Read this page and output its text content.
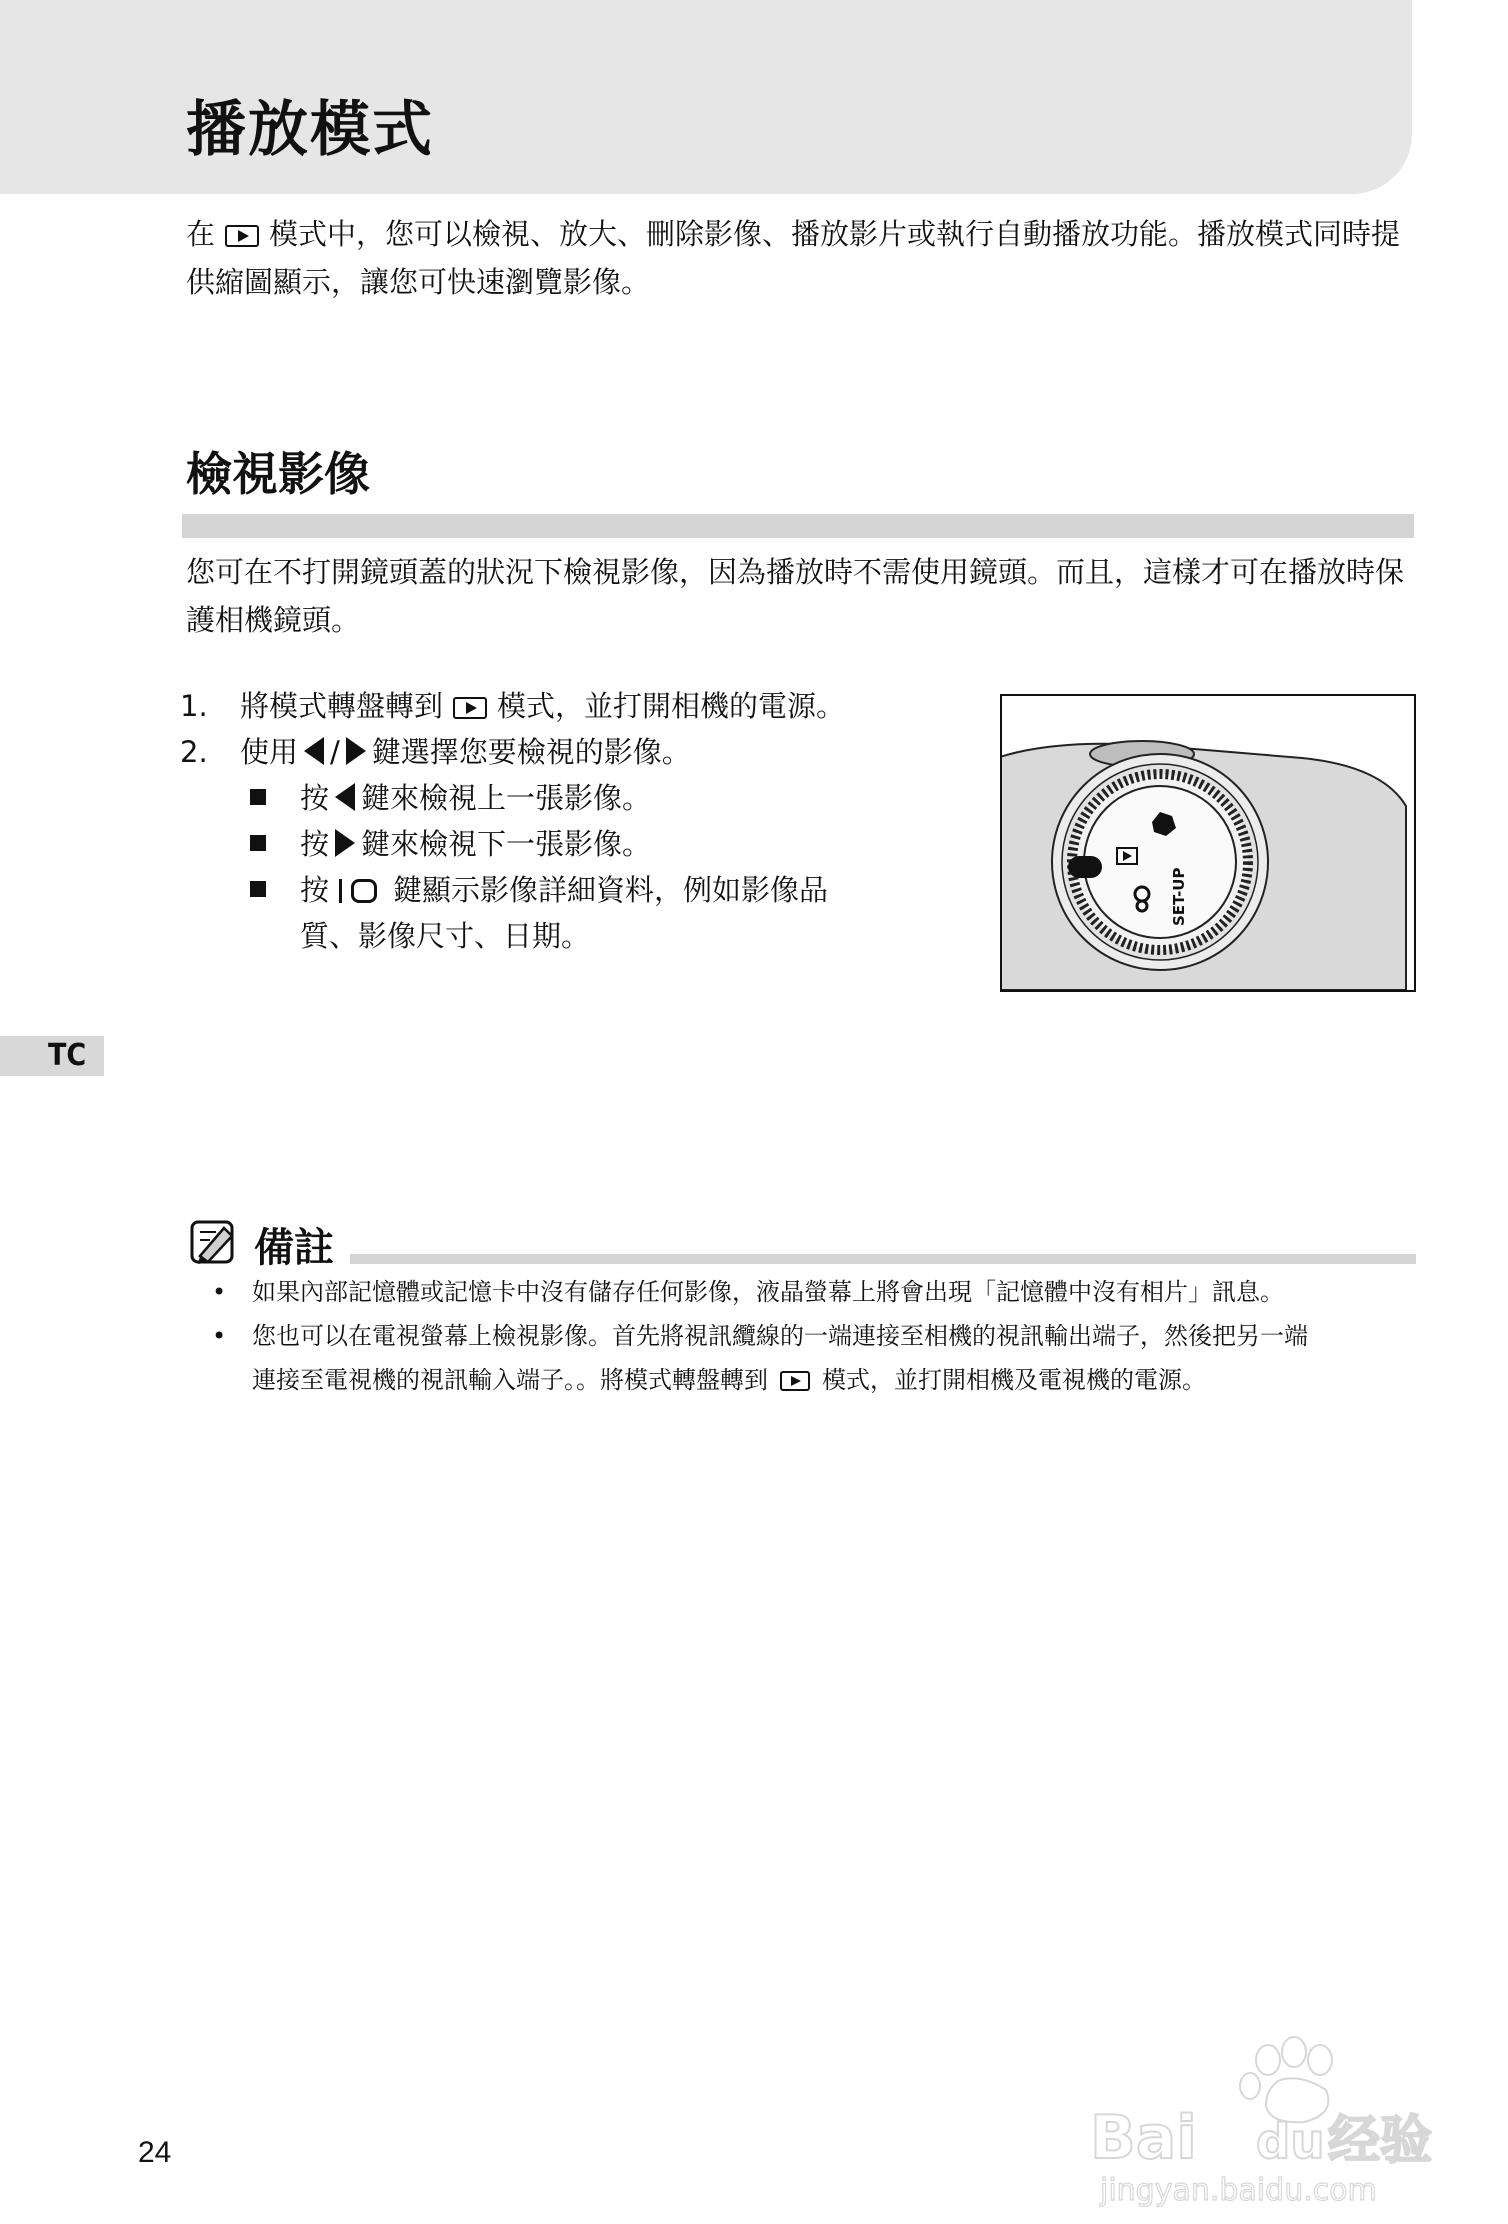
播放模式

在 模式中，您可以檢視、放大、刪除影像、播放影片或執行自動播放功能。播放模式同時提供縮圖顯示，讓您可快速瀏覽影像。

檢視影像

您可在不打開鏡頭蓋的狀況下檢視影像，因為播放時不需使用鏡頭。而且，這樣才可在播放時保護相機鏡頭。

1. 將模式轉盤轉到 模式，並打開相機的電源。
2. 使用 / 鍵選擇您要檢視的影像。
按 鍵來檢視上一張影像。
按 鍵來檢視下一張影像。
按 鍵顯示影像詳細資料，例如影像品
質、影像尺寸、日期。
SET-UP
TC
備註
• 如果內部記憶體或記憶卡中沒有儲存任何影像，液晶螢幕上將會出現「記憶體中沒有相片」訊息。
• 您也可以在電視螢幕上檢視影像。首先將視訊纜線的一端連接至相機的視訊輸出端子，然後把另一端
連接至電視機的視訊輸入端子。。將模式轉盤轉到 模式，並打開相機及電視機的電源。
24	Bai du 经验
jingyan.baidu.com
